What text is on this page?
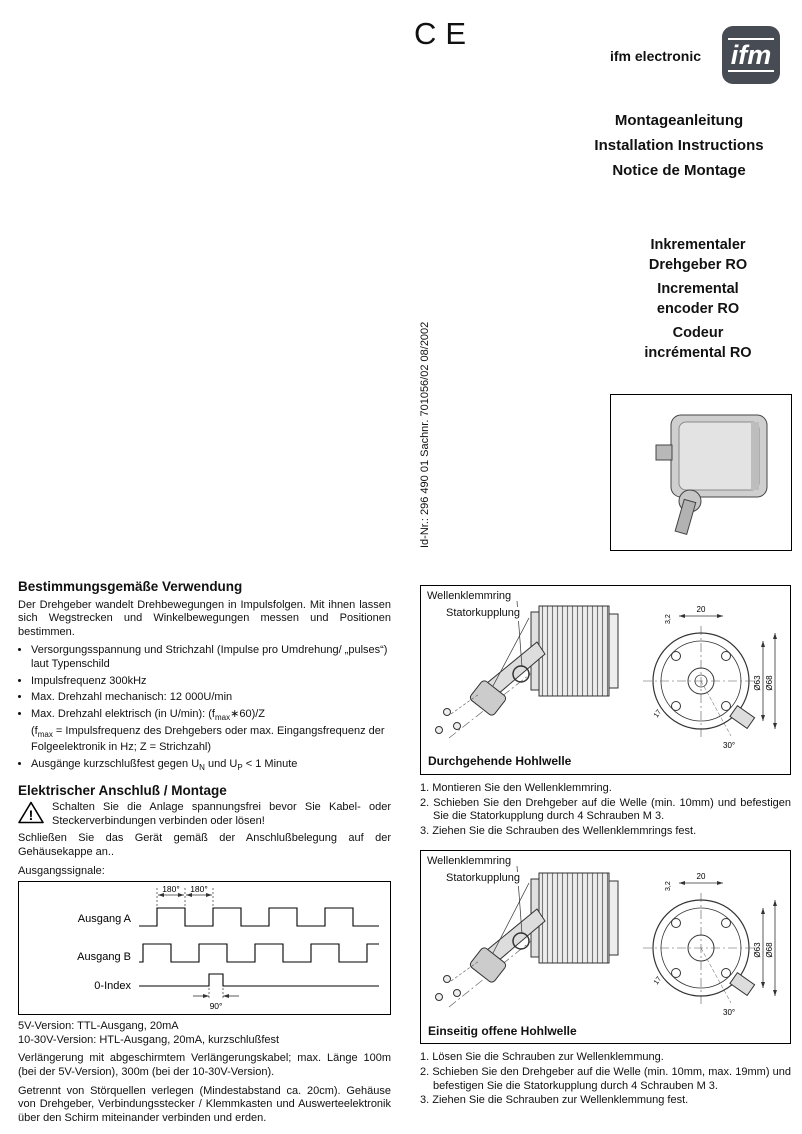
CE
ifm electronic ifm
Montageanleitung
Installation Instructions
Notice de Montage
Inkrementaler
Drehgeber RO
Incremental
encoder RO
Codeur
incrémental RO
Id-Nr.: 296 490 01 Sachnr. 701056/02 08/2002
Bestimmungsgemäße Verwendung

Der Drehgeber wandelt Drehbewegungen in Impulsfolgen. Mit ihnen lassen sich Wegstrecken und Winkelbewegungen messen und Positionen bestimmen.

• Versorgungsspannung und Strichzahl (Impulse pro Umdrehung/ „pulses“) laut Typenschild
• Impulsfrequenz 300kHz
• Max. Drehzahl mechanisch: 12 000U/min
• Max. Drehzahl elektrisch (in U/min): $(f_{max}∗60)/Z$
($f_{max}$ = Impulsfrequenz des Drehgebers oder max. Eingangsfrequenz der Folgeelektronik in Hz; Z = Strichzahl)
• Ausgänge kurzschlußfest gegen $U_N$ und $U_P < 1$ Minute
Elektrischer Anschluß / Montage
! Schalten Sie die Anlage spannungsfrei bevor Sie Kabel- oder Steckerverbindungen verbinden oder lösen!

Schließen Sie das Gerät gemäß der Anschlußbelegung auf der Gehäusekappe an..

Ausgangssignale:
180° 180°
Ausgang A
Ausgang B
0-Index
90°
5V-Version: TTL-Ausgang, 20mA
10-30V-Version: HTL-Ausgang, 20mA, kurzschlußfest

Verlängerung mit abgeschirmtem Verlängerungskabel; max. Länge 100m (bei der 5V-Version), 300m (bei der 10-30V-Version).

Getrennt von Störquellen verlegen (Mindestabstand ca. 20cm). Gehäuse von Drehgeber, Verbindungsstecker / Klemmkasten und Auswerteelektronik über den Schirm miteinander verbinden und erden.

20
3,2
Ø63 Ø68
17
30°
Wellenklemmring
Statorkupplung
Durchgehende Hohlwelle
1. Montieren Sie den Wellenklemmring.
2. Schieben Sie den Drehgeber auf die Welle (min. 10mm) und befestigen Sie die Statorkupplung durch 4 Schrauben M 3.
3. Ziehen Sie die Schrauben des Wellenklemmrings fest.
20
3,2
Ø63 Ø68
17
30°
Wellenklemmring
Statorkupplung
Einseitig offene Hohlwelle
1. Lösen Sie die Schrauben zur Wellenklemmung.
2. Schieben Sie den Drehgeber auf die Welle (min. 10mm, max. 19mm) und befestigen Sie die Statorkupplung durch 4 Schrauben M 3.
3. Ziehen Sie die Schrauben zur Wellenklemmung fest.
